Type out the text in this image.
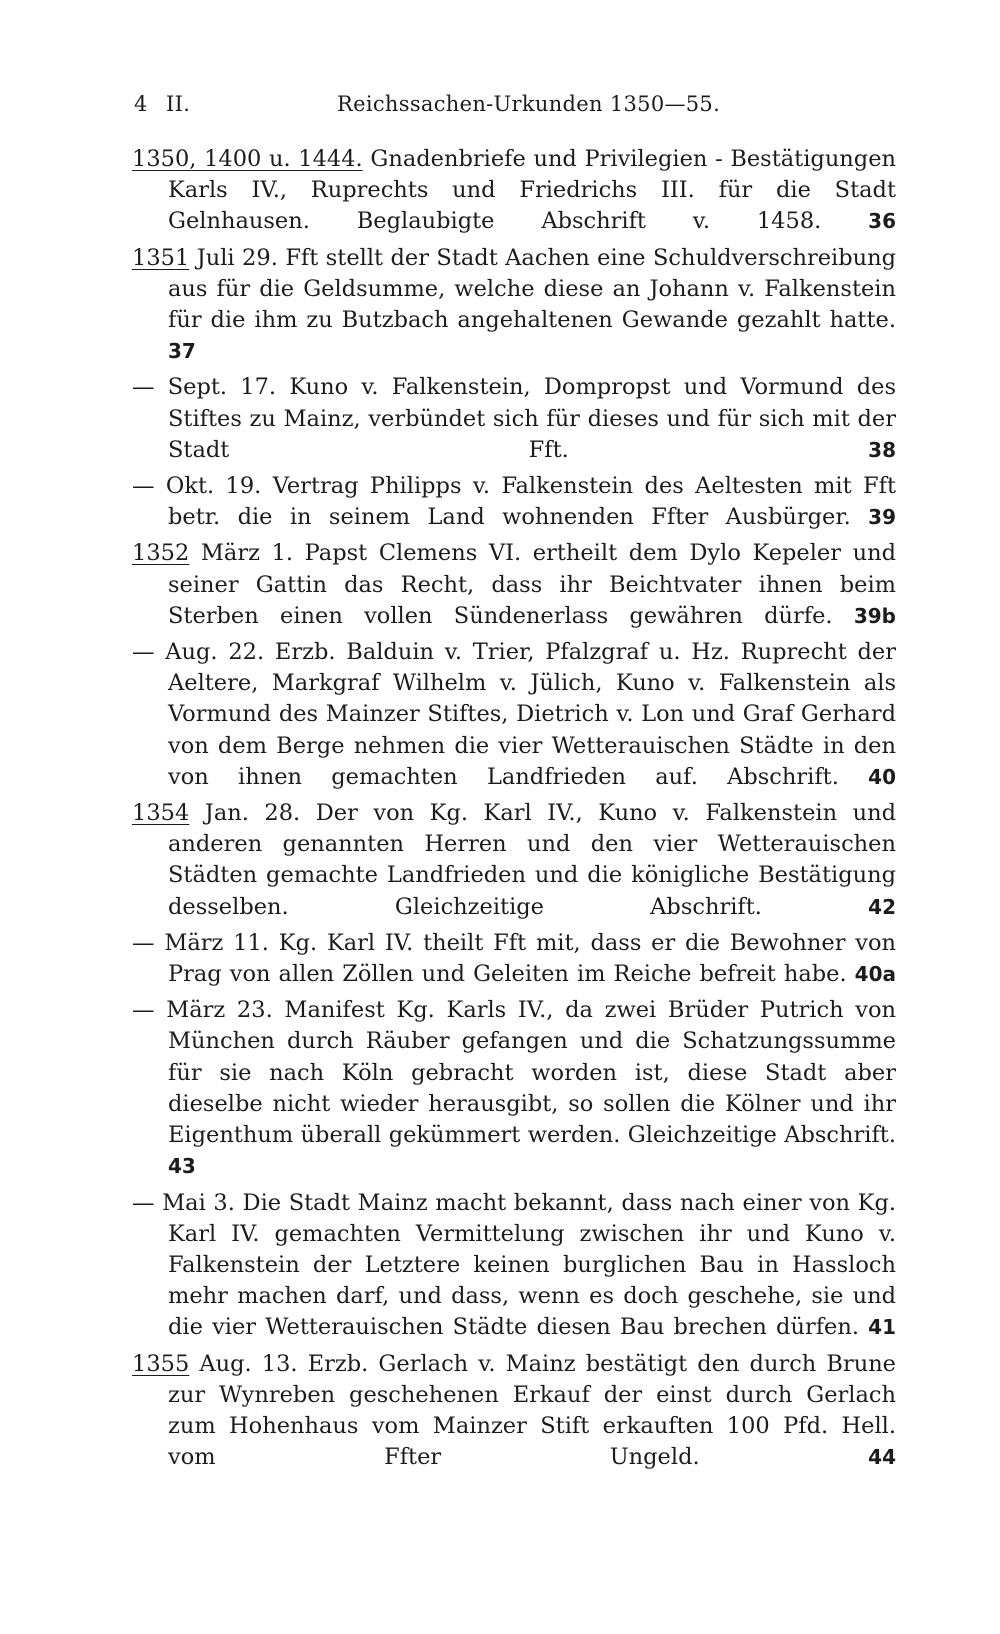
4 II.	Reichssachen-Urkunden 1350—55.
1350, 1400 u. 1444. Gnadenbriefe und Privilegien - Bestätigungen Karls IV., Ruprechts und Friedrichs III. für die Stadt Gelnhausen. Beglaubigte Abschrift v. 1458. 36
1351 Juli 29. Fft stellt der Stadt Aachen eine Schuldverschreibung aus für die Geldsumme, welche diese an Johann v. Falkenstein für die ihm zu Butzbach angehaltenen Gewande gezahlt hatte. 37
— Sept. 17. Kuno v. Falkenstein, Dompropst und Vormund des Stiftes zu Mainz, verbündet sich für dieses und für sich mit der Stadt Fft.	38
— Okt. 19. Vertrag Philipps v. Falkenstein des Aeltesten mit Fft betr. die in seinem Land wohnenden Ffter Ausbürger. 39
1352 März 1. Papst Clemens VI. ertheilt dem Dylo Kepeler und seiner Gattin das Recht, dass ihr Beichtvater ihnen beim Sterben einen vollen Sündenerlass gewähren dürfe. 39b
— Aug. 22. Erzb. Balduin v. Trier, Pfalzgraf u. Hz. Ruprecht der Aeltere, Markgraf Wilhelm v. Jülich, Kuno v. Falkenstein als Vormund des Mainzer Stiftes, Dietrich v. Lon und Graf Gerhard von dem Berge nehmen die vier Wetterauischen Städte in den von ihnen gemachten Landfrieden auf. Abschrift. 40
1354 Jan. 28. Der von Kg. Karl IV., Kuno v. Falkenstein und anderen genannten Herren und den vier Wetterauischen Städten gemachte Landfrieden und die königliche Bestätigung desselben. Gleichzeitige Abschrift.	42
— März 11. Kg. Karl IV. theilt Fft mit, dass er die Bewohner von Prag von allen Zöllen und Geleiten im Reiche befreit habe. 40a
— März 23. Manifest Kg. Karls IV., da zwei Brüder Putrich von München durch Räuber gefangen und die Schatzungssumme für sie nach Köln gebracht worden ist, diese Stadt aber dieselbe nicht wieder herausgibt, so sollen die Kölner und ihr Eigenthum überall gekümmert werden. Gleichzeitige Abschrift. 43
— Mai 3. Die Stadt Mainz macht bekannt, dass nach einer von Kg. Karl IV. gemachten Vermittelung zwischen ihr und Kuno v. Falkenstein der Letztere keinen burglichen Bau in Hassloch mehr machen darf, und dass, wenn es doch geschehe, sie und die vier Wetterauischen Städte diesen Bau brechen dürfen. 41
1355 Aug. 13. Erzb. Gerlach v. Mainz bestätigt den durch Brune zur Wynreben geschehenen Erkauf der einst durch Gerlach zum Hohenhaus vom Mainzer Stift erkauften 100 Pfd. Hell. vom Ffter Ungeld.	44
